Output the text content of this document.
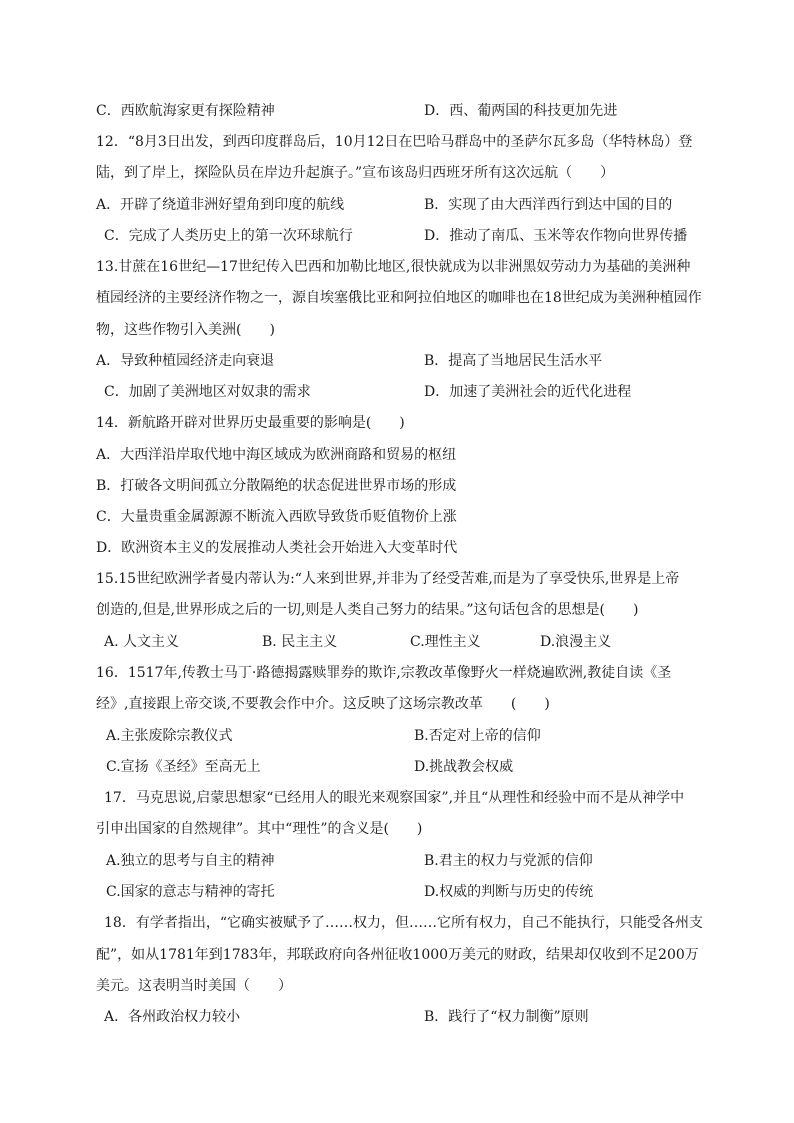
C．西欧航海家更有探险精神	D．西、葡两国的科技更加先进
12．“8月3日出发，到西印度群岛后，10月12日在巴哈马群岛中的圣萨尔瓦多岛（华特林岛）登
陆，到了岸上，探险队员在岸边升起旗子。”宣布该岛归西班牙所有这次远航（　　）
A．开辟了绕道非洲好望角到印度的航线	B．实现了由大西洋西行到达中国的目的
C．完成了人类历史上的第一次环球航行	D．推动了南瓜、玉米等农作物向世界传播
13.甘蔗在16世纪—17世纪传入巴西和加勒比地区,很快就成为以非洲黑奴劳动力为基础的美洲种
植园经济的主要经济作物之一，源自埃塞俄比亚和阿拉伯地区的咖啡也在18世纪成为美洲种植园作
物，这些作物引入美洲(　　)
A．导致种植园经济走向衰退	B．提高了当地居民生活水平
C．加剧了美洲地区对奴隶的需求	D．加速了美洲社会的近代化进程
14．新航路开辟对世界历史最重要的影响是(　　)
A．大西洋沿岸取代地中海区域成为欧洲商路和贸易的枢纽
B．打破各文明间孤立分散隔绝的状态促进世界市场的形成
C．大量贵重金属源源不断流入西欧导致货币贬值物价上涨
D．欧洲资本主义的发展推动人类社会开始进入大变革时代
15.15世纪欧洲学者曼内蒂认为:“人来到世界,并非为了经受苦难,而是为了享受快乐,世界是上帝
创造的,但是,世界形成之后的一切,则是人类自己努力的结果。”这句话包含的思想是(　　)
A. 人文主义	B. 民主主义	C.理性主义	D.浪漫主义
16．1517年,传教士马丁·路德揭露赎罪券的欺诈,宗教改革像野火一样烧遍欧洲,教徒自读《圣
经》,直接跟上帝交谈,不要教会作中介。这反映了这场宗教改革　　(　　)
A.主张废除宗教仪式	B.否定对上帝的信仰
C.宣扬《圣经》至高无上	D.挑战教会权威
17．马克思说,启蒙思想家“已经用人的眼光来观察国家”,并且“从理性和经验中而不是从神学中
引申出国家的自然规律”。其中“理性”的含义是(　　)
A.独立的思考与自主的精神	B.君主的权力与党派的信仰
C.国家的意志与精神的寄托	D.权威的判断与历史的传统
18．有学者指出，“它确实被赋予了……权力，但……它所有权力，自己不能执行，只能受各州支
配”，如从1781年到1783年，邦联政府向各州征收1000万美元的财政，结果却仅收到不足200万
美元。这表明当时美国（　　）
A．各州政治权力较小	B．践行了“权力制衡”原则
